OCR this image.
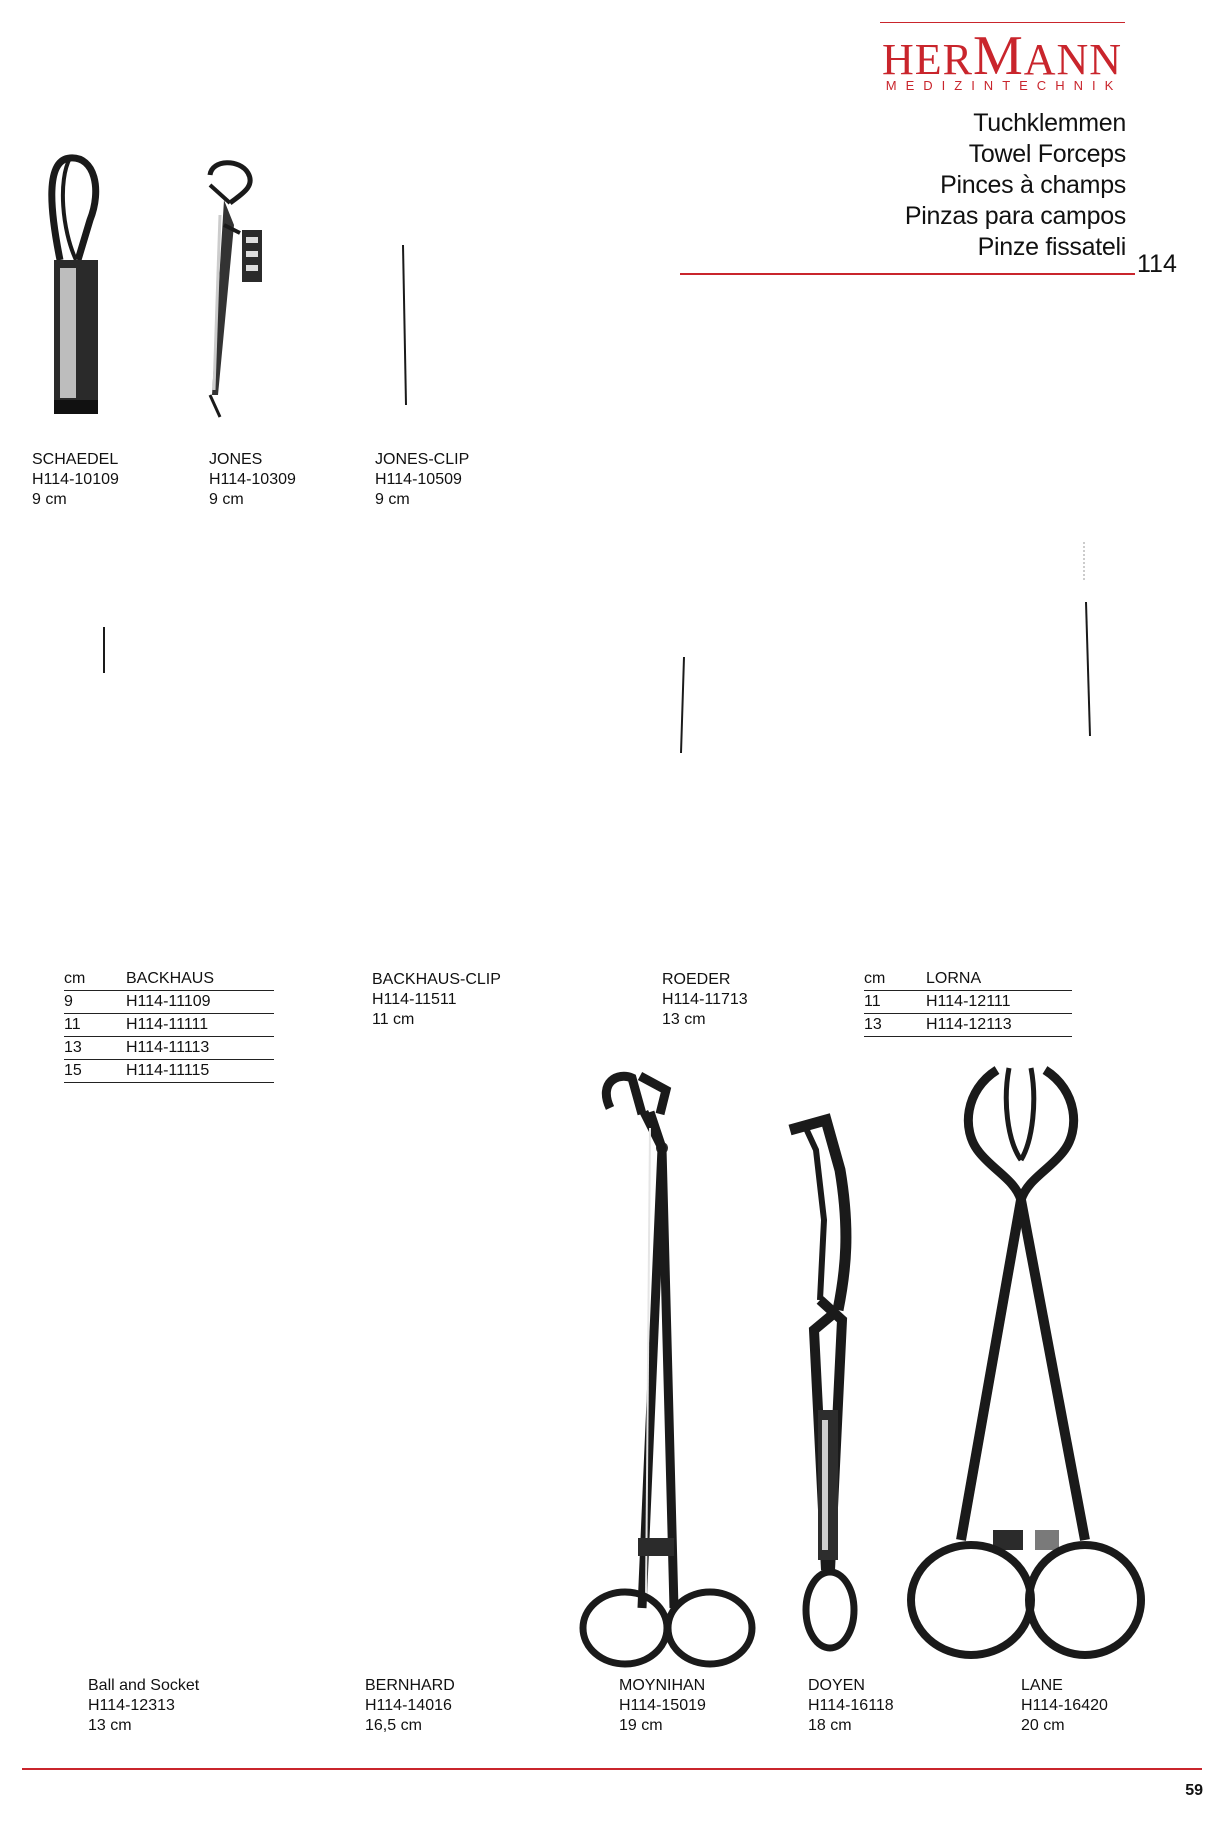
HERMANN
MEDIZINTECHNIK
Tuchklemmen
Towel Forceps
Pinces à champs
Pinzas para campos
Pinze fissateli
114
SCHAEDEL
H114-10109
9 cm
JONES
H114-10309
9 cm
JONES-CLIP
H114-10509
9 cm
cm	BACKHAUS
9	H114-11109
11	H114-11111
13	H114-11113
15	H114-11115
BACKHAUS-CLIP
H114-11511
11 cm
ROEDER
H114-11713
13 cm
cm	LORNA
11	H114-12111
13	H114-12113
Ball and Socket
H114-12313
13 cm
BERNHARD
H114-14016
16,5 cm
MOYNIHAN
H114-15019
19 cm
DOYEN
H114-16118
18 cm
LANE
H114-16420
20 cm
59
